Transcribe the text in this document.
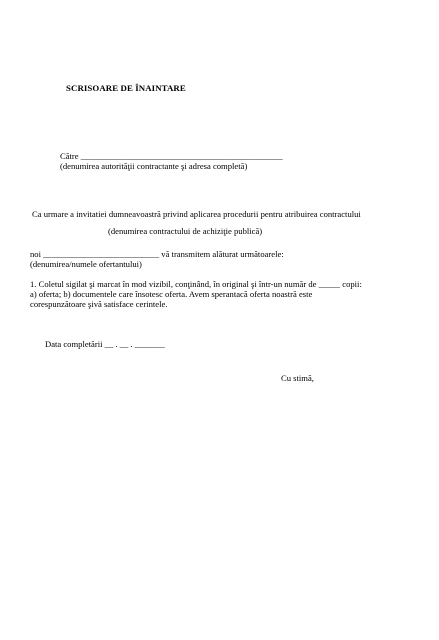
SCRISOARE DE ÎNAINTARE
Către _______________________________________________
(denumirea autorităţii contractante şi adresa completă)
Ca urmare a invitatiei dumneavoastră privind aplicarea procedurii pentru atribuirea contractului
(denumirea contractului de achiziţie publică)
noi ___________________________ vă transmitem alăturat următoarele:
(denumirea/numele ofertantului)
1. Coletul sigilat şi marcat în mod vizibil, conţinând, în original şi într-un număr de _____ copii:
a) oferta; b) documentele care însotesc oferta. Avem sperantacă oferta noastră este
corespunzătoare şivă satisface cerintele.
Data completării __ . __ . _______
Cu stimă,
